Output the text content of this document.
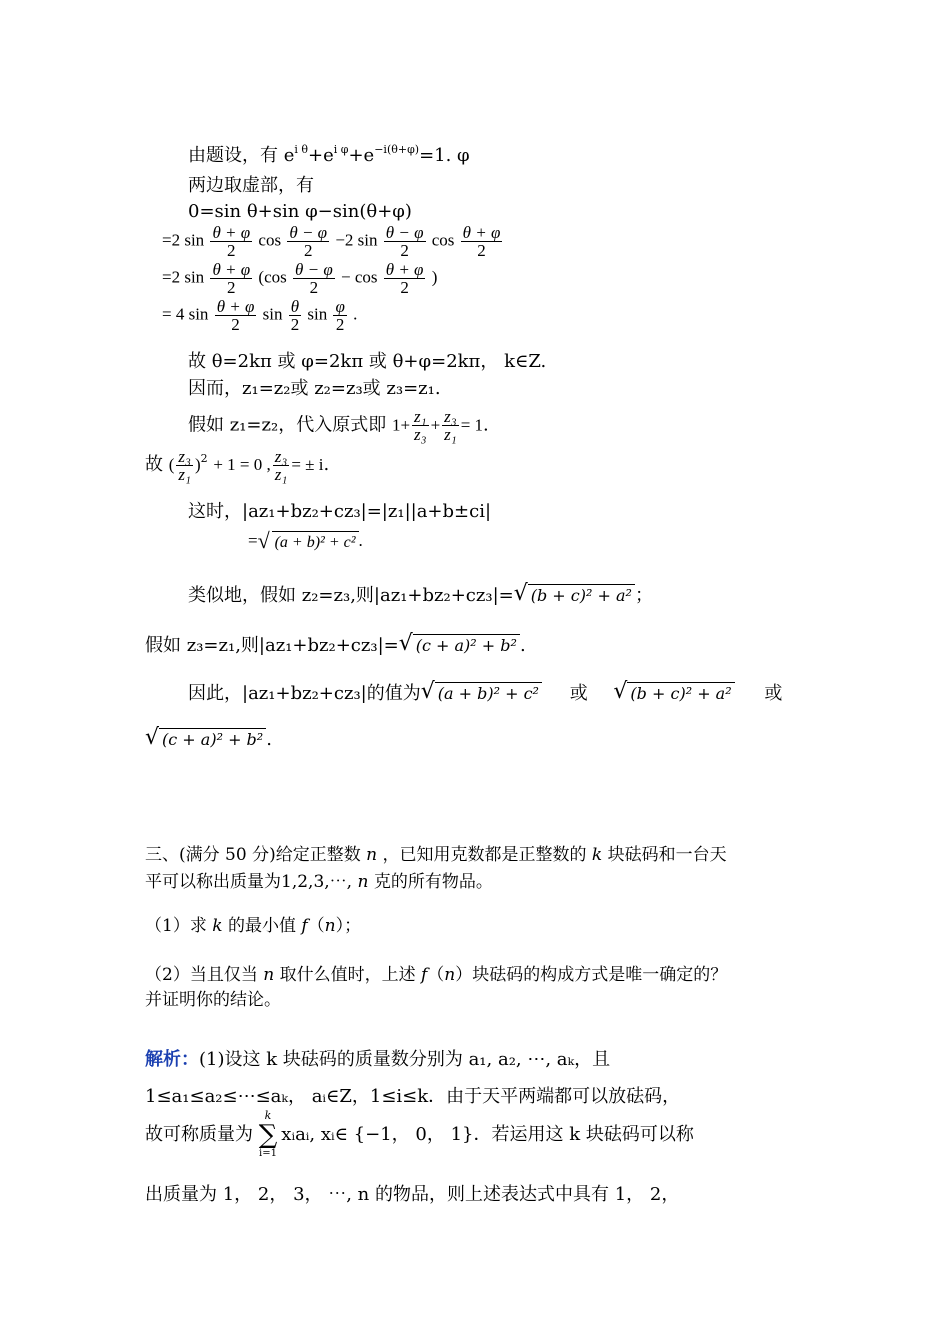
由题设，有 $e^{i \theta}+e^{i \varphi}+e^{-i(\theta+\varphi)}=1$. φ
两边取虚部，有
0=sin θ+sin φ−sin(θ+φ)
=2 $\sin \frac{\theta + \varphi}{2}$ $\cos \frac{\theta - \varphi}{2} -2$ $\sin \frac{\theta - \varphi}{2}$ $\cos \frac{\theta + \varphi}{2}$
=2 $\sin \frac{\theta + \varphi}{2} (\cos \frac{\theta - \varphi}{2} - \cos \frac{\theta + \varphi}{2}$ )
= 4 $\sin \frac{\theta + \varphi}{2}$ $\sin \frac{\theta}{2}$ $\sin \frac{\varphi}{2}$ .
故 θ=2kπ 或 φ=2kπ 或 θ+φ=2kπ， k∈Z.
因而，z₁=z₂或 z₂=z₃或 z₃=z₁.
假如 z₁=z₂，代入原式即 $1+ \frac{\text{z₁}}{\text{z₃}} + \frac{\text{z₃}}{\text{z₁}} = 1$.
故 ( $\frac{\text{z₃}}{\text{z₁}} )^2 + 1 = 0$ , $\frac{\text{z₃}}{\text{z₁}}$ = ± i.
这时，|az₁+bz₂+cz₃|=|z₁||a+b±ci|
= √ (a + b)² + c² .
类似地，假如 z₂=z₃,则|az₁+bz₂+cz₃|= √ (b + c)² + a² ；
假如 z₃=z₁,则|az₁+bz₂+cz₃|= √ (c + a)² + b² .
因此，|az₁+bz₂+cz₃|的值为 √ (a + b)² + c² 或 √ (b + c)² + a² 或
√ (c + a)² + b² .
三、(满分 50 分)给定正整数 n ，已知用克数都是正整数的 k 块砝码和一台天
平可以称出质量为1,2,3,⋯, n 克的所有物品。
（1）求 k 的最小值 f（n）；
（2）当且仅当 n 取什么值时，上述 f（n）块砝码的构成方式是唯一确定的？
并证明你的结论。
解析：(1)设这 k 块砝码的质量数分别为 a₁, a₂, ⋯, aₖ，且
1≤a₁≤a₂≤⋯≤aₖ， aᵢ∈Z，1≤i≤k．由于天平两端都可以放砝码，
故可称质量为
k
∑
i=1
xᵢaᵢ, xᵢ∈ {−1， 0， 1}．若运用这 k 块砝码可以称
出质量为 1， 2， 3， ⋯, n 的物品，则上述表达式中具有 1， 2，
